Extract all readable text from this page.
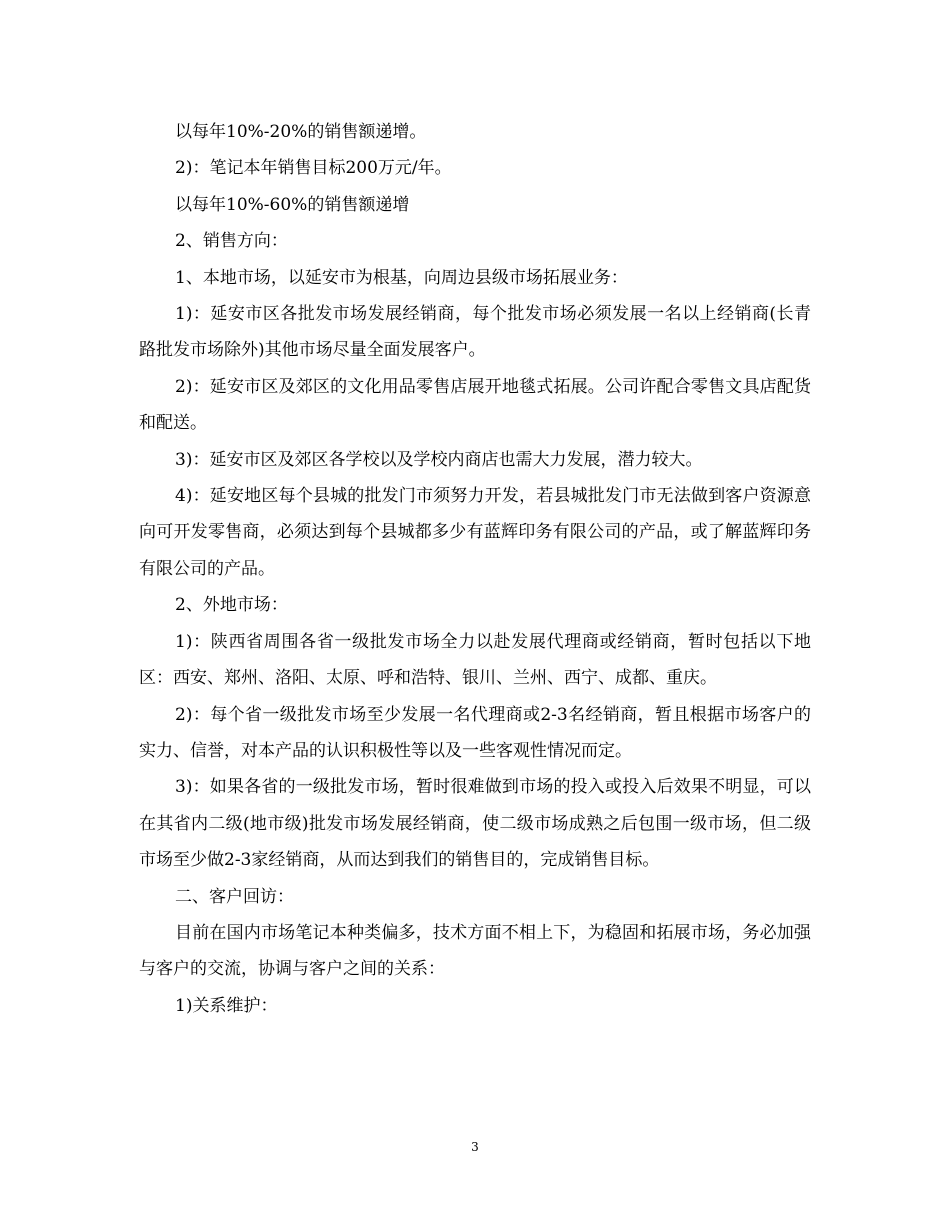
以每年10%-20%的销售额递增。

2)：笔记本年销售目标200万元/年。

以每年10%-60%的销售额递增

2、销售方向：

1、本地市场，以延安市为根基，向周边县级市场拓展业务：

1)：延安市区各批发市场发展经销商，每个批发市场必须发展一名以上经销商(长青路批发市场除外)其他市场尽量全面发展客户。

2)：延安市区及郊区的文化用品零售店展开地毯式拓展。公司许配合零售文具店配货和配送。

3)：延安市区及郊区各学校以及学校内商店也需大力发展，潜力较大。

4)：延安地区每个县城的批发门市须努力开发，若县城批发门市无法做到客户资源意向可开发零售商，必须达到每个县城都多少有蓝辉印务有限公司的产品，或了解蓝辉印务有限公司的产品。

2、外地市场：

1)：陕西省周围各省一级批发市场全力以赴发展代理商或经销商，暂时包括以下地区：西安、郑州、洛阳、太原、呼和浩特、银川、兰州、西宁、成都、重庆。

2)：每个省一级批发市场至少发展一名代理商或2-3名经销商，暂且根据市场客户的实力、信誉，对本产品的认识积极性等以及一些客观性情况而定。

3)：如果各省的一级批发市场，暂时很难做到市场的投入或投入后效果不明显，可以在其省内二级(地市级)批发市场发展经销商，使二级市场成熟之后包围一级市场，但二级市场至少做2-3家经销商，从而达到我们的销售目的，完成销售目标。

二、客户回访：

目前在国内市场笔记本种类偏多，技术方面不相上下，为稳固和拓展市场，务必加强与客户的交流，协调与客户之间的关系：

1)关系维护：

3
